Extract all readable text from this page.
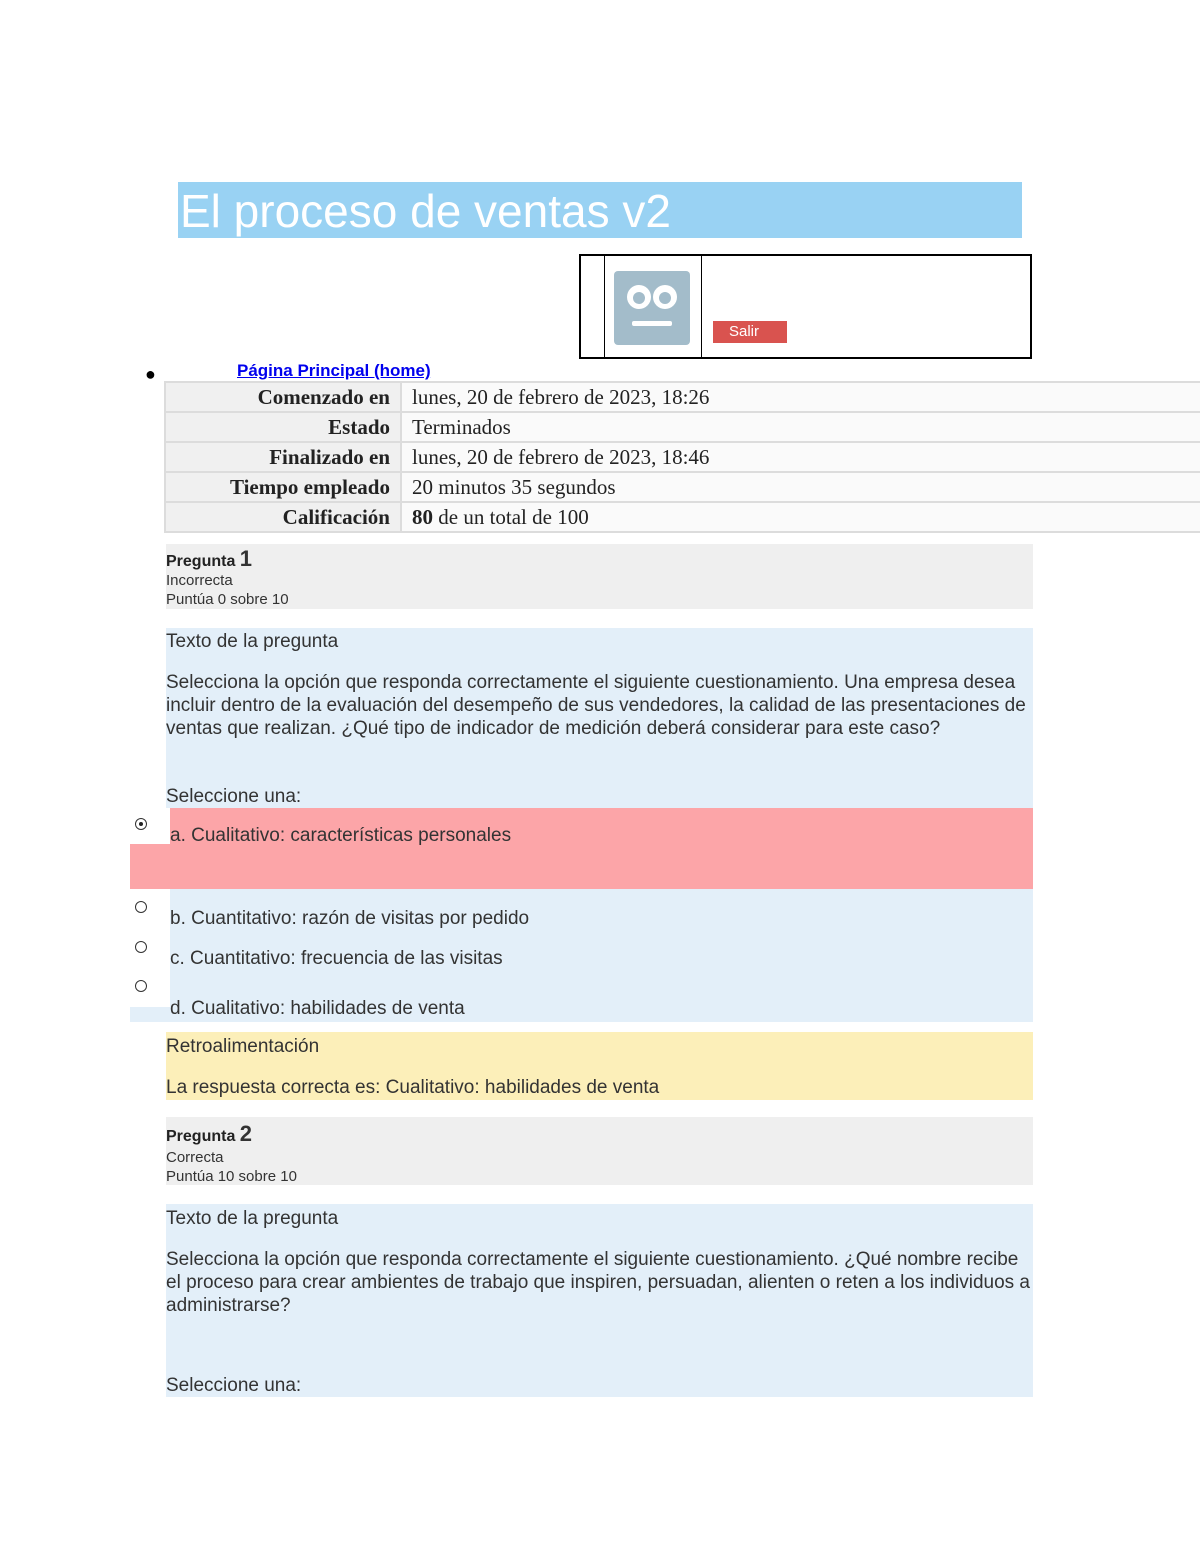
El proceso de ventas v2
Salir
●	Página Principal (home)
Comenzado en	lunes, 20 de febrero de 2023, 18:26
Estado	Terminados
Finalizado en	lunes, 20 de febrero de 2023, 18:46
Tiempo empleado	20 minutos 35 segundos
Calificación	80 de un total de 100
Pregunta 1
Incorrecta
Puntúa 0 sobre 10
Texto de la pregunta
Selecciona la opción que responda correctamente el siguiente cuestionamiento. Una empresa desea incluir dentro de la evaluación del desempeño de sus vendedores, la calidad de las presentaciones de ventas que realizan. ¿Qué tipo de indicador de medición deberá considerar para este caso?
Seleccione una:
a. Cualitativo: características personales
b. Cuantitativo: razón de visitas por pedido
c. Cuantitativo: frecuencia de las visitas
d. Cualitativo: habilidades de venta
Retroalimentación
La respuesta correcta es: Cualitativo: habilidades de venta
Pregunta 2
Correcta
Puntúa 10 sobre 10
Texto de la pregunta
Selecciona la opción que responda correctamente el siguiente cuestionamiento. ¿Qué nombre recibe el proceso para crear ambientes de trabajo que inspiren, persuadan, alienten o reten a los individuos a administrarse?
Seleccione una:
